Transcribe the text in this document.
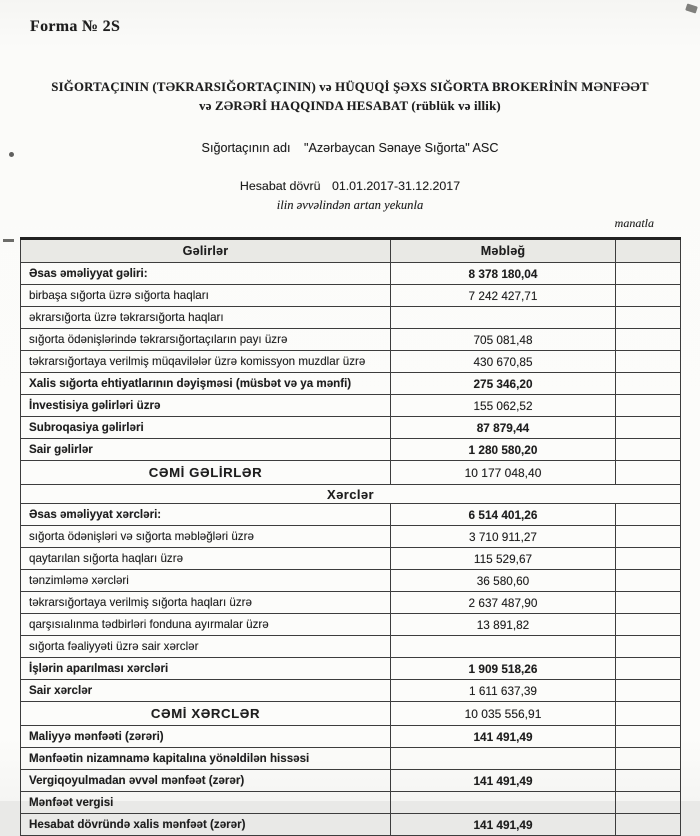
Forma № 2S
SIĞORTAÇININ (TƏKRARSIĞORTAÇININ) və HÜQUQİ ŞƏXS SIĞORTA BROKERİNİN MƏNFƏƏT
və ZƏRƏRİ HAQQINDA HESABAT (rüblük və illik)
Sığortaçının adı "Azərbaycan Sənaye Sığorta" ASC
Hesabat dövrü 01.01.2017-31.12.2017
ilin əvvəlindən artan yekunla
manatla
Gəlirlər	Məbləğ	
Əsas əməliyyat gəliri:	8 378 180,04	
birbaşa sığorta üzrə sığorta haqları	7 242 427,71	
əkrarsığorta üzrə təkrarsığorta haqları		
sığorta ödənişlərində təkrarsığortaçıların payı üzrə	705 081,48	
təkrarsığortaya verilmiş müqavilələr üzrə komissyon muzdlar üzrə	430 670,85	
Xalis sığorta ehtiyatlarının dəyişməsi (müsbət və ya mənfi)	275 346,20	
İnvestisiya gəlirləri üzrə	155 062,52	
Subroqasiya gəlirləri	87 879,44	
Sair gəlirlər	1 280 580,20	
CƏMİ GƏLİRLƏR	10 177 048,40	
Xərclər		
Əsas əməliyyat xərcləri:	6 514 401,26	
sığorta ödənişləri və sığorta məbləğləri üzrə	3 710 911,27	
qaytarılan sığorta haqları üzrə	115 529,67	
tənzimləmə xərcləri	36 580,60	
təkrarsığortaya verilmiş sığorta haqları üzrə	2 637 487,90	
qarşısıalınma tədbirləri fonduna ayırmalar üzrə	13 891,82	
sığorta fəaliyyəti üzrə sair xərclər		
İşlərin aparılması xərcləri	1 909 518,26	
Sair xərclər	1 611 637,39	
CƏMİ XƏRCLƏR	10 035 556,91	
Maliyyə mənfəəti (zərəri)	141 491,49	
Mənfəətin nizamnamə kapitalına yönəldilən hissəsi		
Vergiqoyulmadan əvvəl mənfəət (zərər)	141 491,49	
Mənfəət vergisi		
Hesabat dövründə xalis mənfəət (zərər)	141 491,49	
